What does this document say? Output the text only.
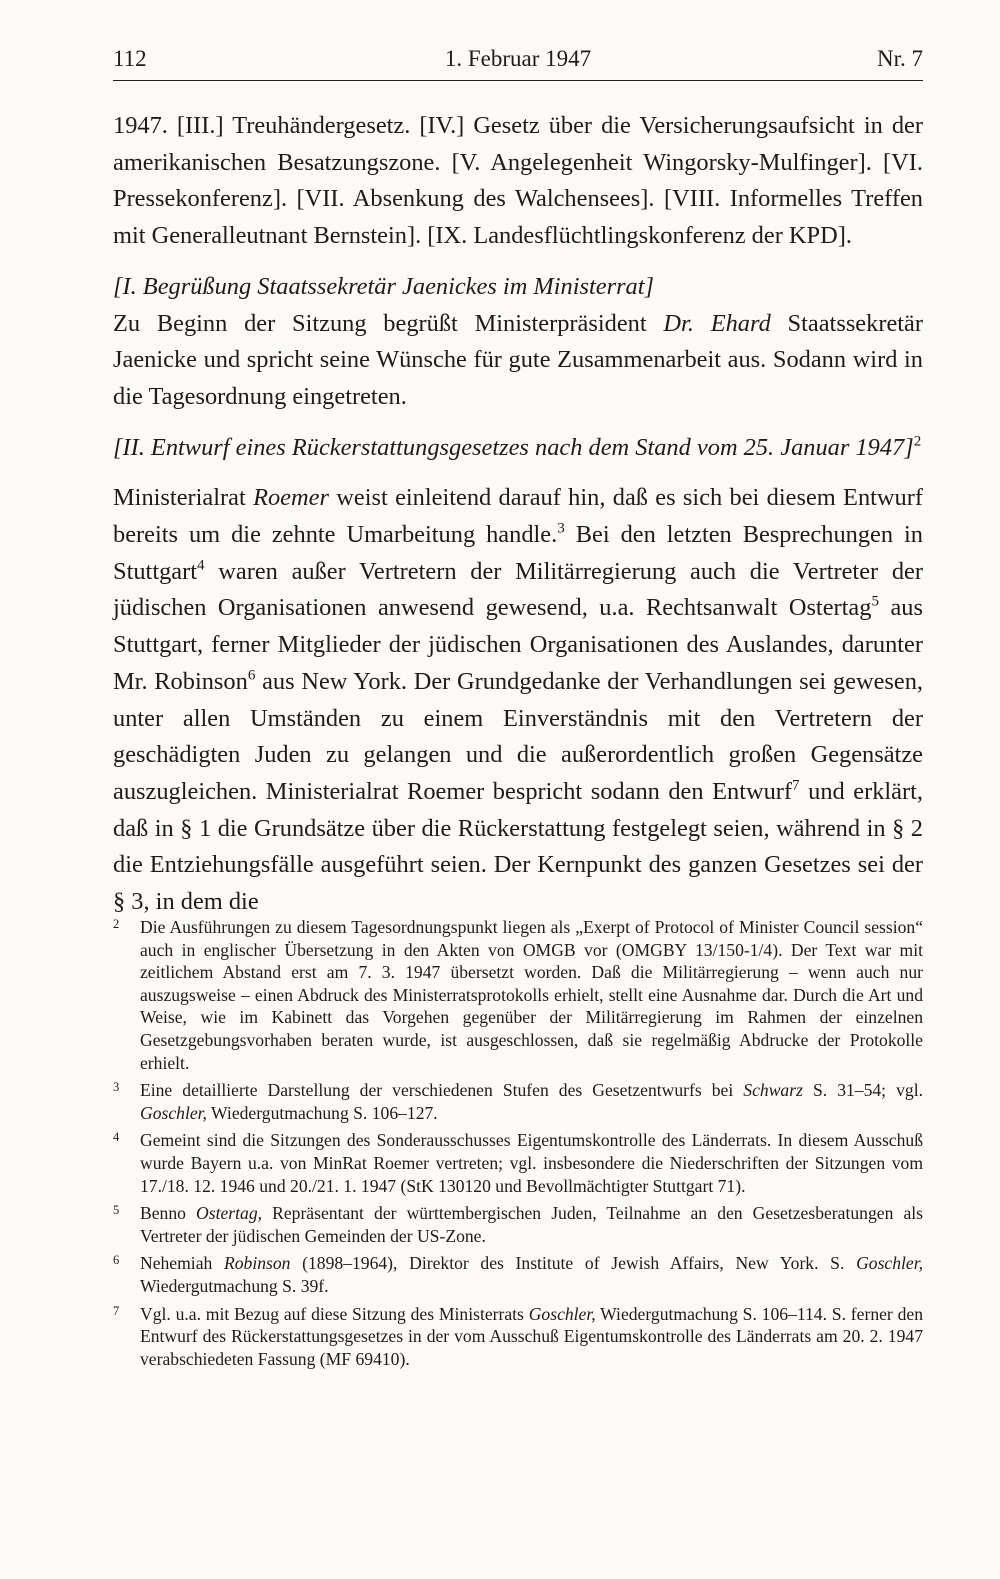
112	1. Februar 1947	Nr. 7

1947. [III.] Treuhändergesetz. [IV.] Gesetz über die Versicherungsaufsicht in der amerikanischen Besatzungszone. [V. Angelegenheit Wingorsky-Mulfinger]. [VI. Pressekonferenz]. [VII. Absenkung des Walchensees]. [VIII. Informelles Treffen mit Generalleutnant Bernstein]. [IX. Landesflüchtlingskonferenz der KPD].

[I. Begrüßung Staatssekretär Jaenickes im Ministerrat]

Zu Beginn der Sitzung begrüßt Ministerpräsident Dr. Ehard Staatssekretär Jaenicke und spricht seine Wünsche für gute Zusammenarbeit aus. Sodann wird in die Tagesordnung eingetreten.

[II. Entwurf eines Rückerstattungsgesetzes nach dem Stand vom 25. Januar 1947]$^2$

Ministerialrat Roemer weist einleitend darauf hin, daß es sich bei diesem Entwurf bereits um die zehnte Umarbeitung handle.$^3$ Bei den letzten Besprechungen in Stuttgart$^4$ waren außer Vertretern der Militärregierung auch die Vertreter der jüdischen Organisationen anwesend gewesend, u.a. Rechtsanwalt Ostertag$^5$ aus Stuttgart, ferner Mitglieder der jüdischen Organisationen des Auslandes, darunter Mr. Robinson$^6$ aus New York. Der Grundgedanke der Verhandlungen sei gewesen, unter allen Umständen zu einem Einverständnis mit den Vertretern der geschädigten Juden zu gelangen und die außerordentlich großen Gegensätze auszugleichen. Ministerialrat Roemer bespricht sodann den Entwurf$^7$ und erklärt, daß in § 1 die Grundsätze über die Rückerstattung festgelegt seien, während in § 2 die Entziehungsfälle ausgeführt seien. Der Kernpunkt des ganzen Gesetzes sei der § 3, in dem die

2 Die Ausführungen zu diesem Tagesordnungspunkt liegen als „Exerpt of Protocol of Minister Council session“ auch in englischer Übersetzung in den Akten von OMGB vor (OMGBY 13/150-1/4). Der Text war mit zeitlichem Abstand erst am 7. 3. 1947 übersetzt worden. Daß die Militärregierung – wenn auch nur auszugsweise – einen Abdruck des Ministerratsprotokolls erhielt, stellt eine Ausnahme dar. Durch die Art und Weise, wie im Kabinett das Vorgehen gegenüber der Militärregierung im Rahmen der einzelnen Gesetzgebungsvorhaben beraten wurde, ist ausgeschlossen, daß sie regelmäßig Abdrucke der Protokolle erhielt.
3 Eine detaillierte Darstellung der verschiedenen Stufen des Gesetzentwurfs bei Schwarz S. 31–54; vgl. Goschler, Wiedergutmachung S. 106–127.
4 Gemeint sind die Sitzungen des Sonderausschusses Eigentumskontrolle des Länderrats. In diesem Ausschuß wurde Bayern u.a. von MinRat Roemer vertreten; vgl. insbesondere die Niederschriften der Sitzungen vom 17./18. 12. 1946 und 20./21. 1. 1947 (StK 130120 und Bevollmächtigter Stuttgart 71).
5 Benno Ostertag, Repräsentant der württembergischen Juden, Teilnahme an den Gesetzesberatungen als Vertreter der jüdischen Gemeinden der US-Zone.
6 Nehemiah Robinson (1898–1964), Direktor des Institute of Jewish Affairs, New York. S. Goschler, Wiedergutmachung S. 39f.
7 Vgl. u.a. mit Bezug auf diese Sitzung des Ministerrats Goschler, Wiedergutmachung S. 106–114. S. ferner den Entwurf des Rückerstattungsgesetzes in der vom Ausschuß Eigentumskontrolle des Länderrats am 20. 2. 1947 verabschiedeten Fassung (MF 69410).
